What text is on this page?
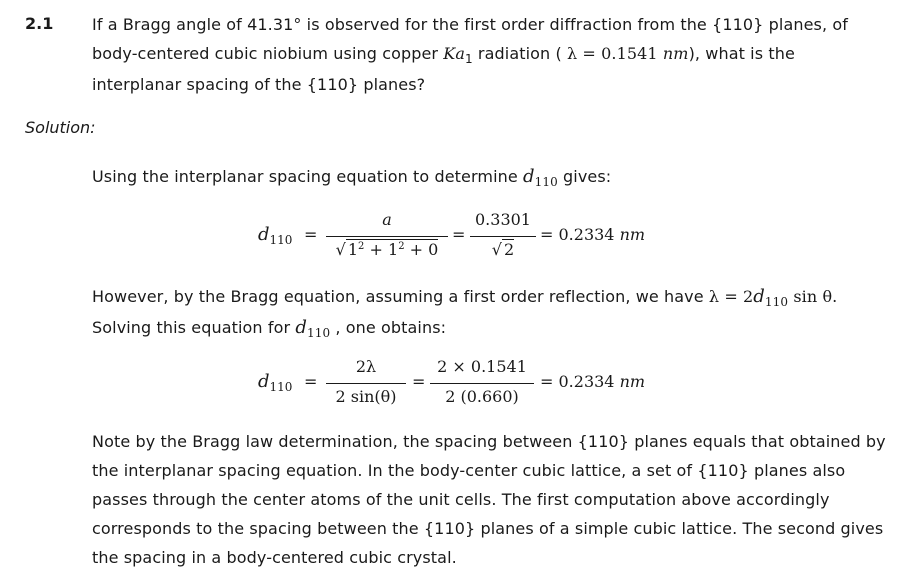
2.1 If a Bragg angle of 41.31° is observed for the first order diffraction from the {110} planes, of
body-centered cubic niobium using copper $Ka_1$ radiation ( λ = 0.1541 nm), what is the
interplanar spacing of the {110} planes?
Solution:
Using the interplanar spacing equation to determine $d_{110}$ gives:
$d_{110}$ =
a
√ $1^2 + 1^2 + 0$
=
0.3301
√ 2
= 0.2334 nm
However, by the Bragg equation, assuming a first order reflection, we have $\lambda = 2d_{110}$ sin θ.
Solving this equation for $d_{110}$ , one obtains:
$d_{110}$ =
2λ
2 sin(θ)
=
2 × 0.1541
2 (0.660)
= 0.2334 nm
Note by the Bragg law determination, the spacing between {110} planes equals that obtained by
the interplanar spacing equation. In the body-center cubic lattice, a set of {110} planes also
passes through the center atoms of the unit cells. The first computation above accordingly
corresponds to the spacing between the {110} planes of a simple cubic lattice. The second gives
the spacing in a body-centered cubic crystal.
